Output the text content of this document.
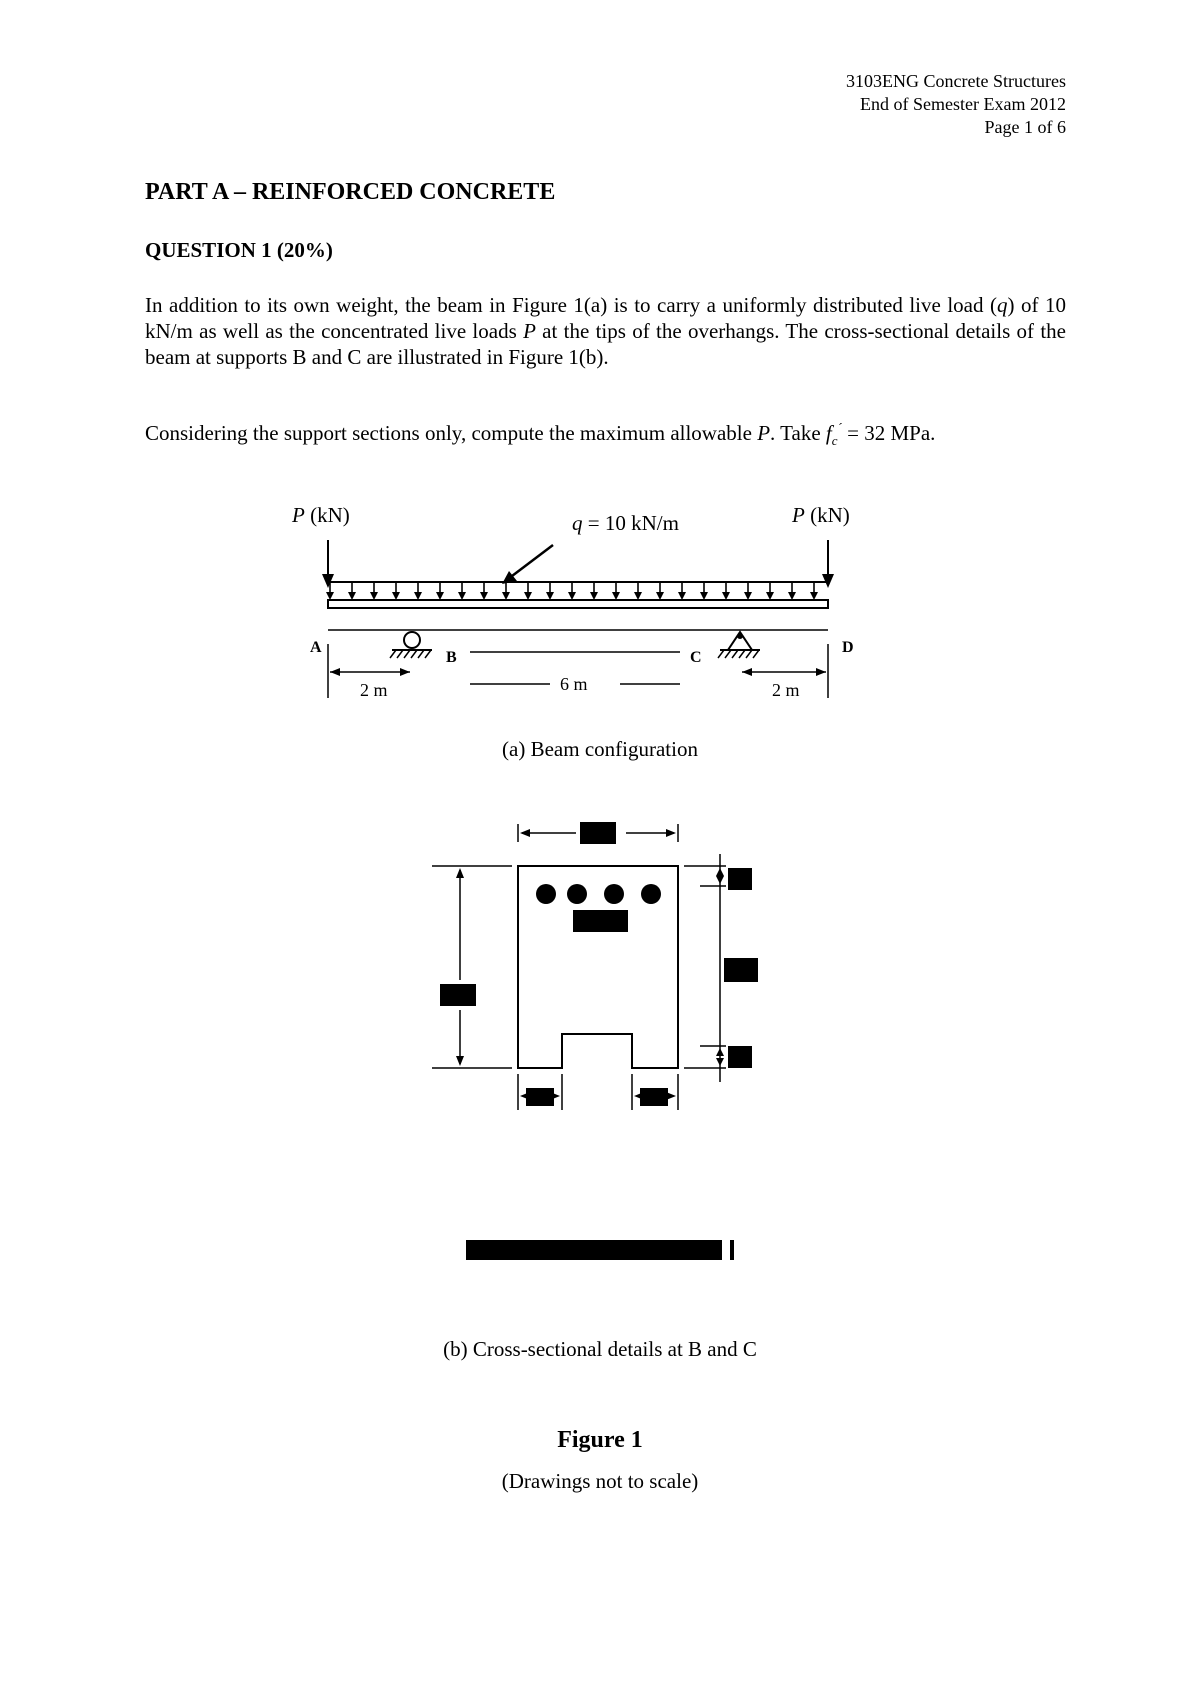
3103ENG Concrete Structures
End of Semester Exam 2012
Page 1 of 6
PART A – REINFORCED CONCRETE
QUESTION 1 (20%)

In addition to its own weight, the beam in Figure 1(a) is to carry a uniformly distributed live load (q) of 10 kN/m as well as the concentrated live loads P at the tips of the overhangs. The cross-sectional details of the beam at supports B and C are illustrated in Figure 1(b).

Considering the support sections only, compute the maximum allowable P. Take $f_c^´ = 32$ MPa.

P (kN)	P (kN)
q = 10 kN/m
A
B	C
D
2 m	6 m	2 m

(a) Beam configuration

(b) Cross-sectional details at B and C

Figure 1

(Drawings not to scale)
